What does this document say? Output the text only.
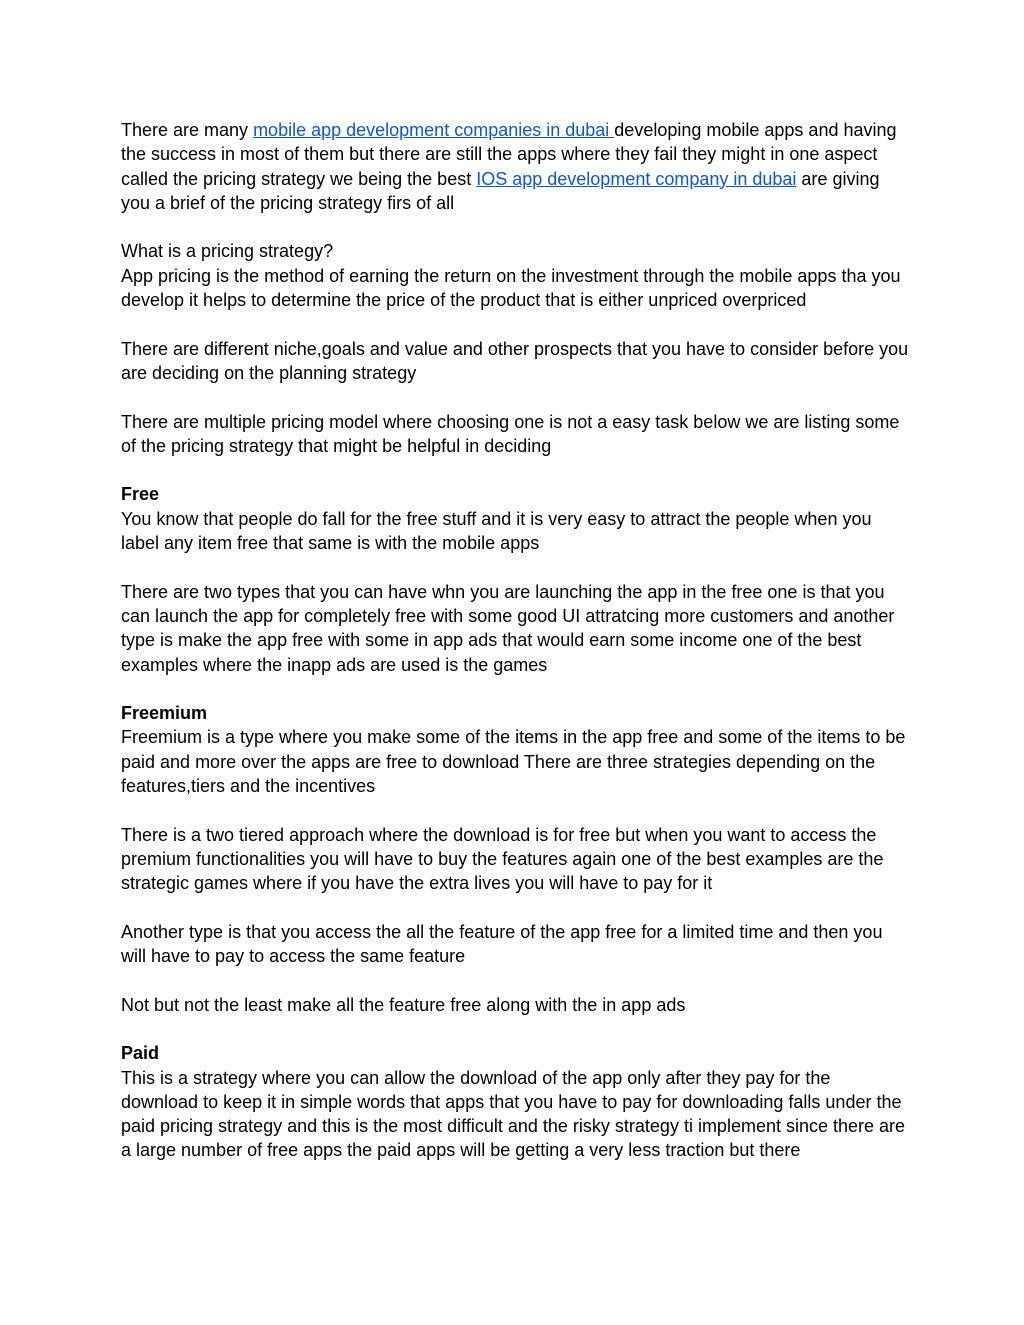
There are many mobile app development companies in dubai developing mobile apps and having the success in most of them but there are still the apps where they fail they might in one aspect called the pricing strategy we being the best IOS app development company in dubai are giving you a brief of the pricing strategy firs of all

What is a pricing strategy?
App pricing is the method of earning the return on the investment through the mobile apps tha you develop it helps to determine the price of the product that is either unpriced overpriced

There are different niche,goals and value and other prospects that you have to consider before you are deciding on the planning strategy

There are multiple pricing model where choosing one is not a easy task below we are listing some of the pricing strategy that might be helpful in deciding

Free

You know that people do fall for the free stuff and it is very easy to attract the people when you label any item free that same is with the mobile apps

There are two types that you can have whn you are launching the app in the free one is that you can launch the app for completely free with some good UI attratcing more customers and another type is make the app free with some in app ads that would earn some income one of the best examples where the inapp ads are used is the games

Freemium

Freemium is a type where you make some of the items in the app free and some of the items to be paid and more over the apps are free to download There are three strategies depending on the features,tiers and the incentives

There is a two tiered approach where the download is for free but when you want to access the premium functionalities you will have to buy the features again one of the best examples are the strategic games where if you have the extra lives you will have to pay for it

Another type is that you access the all the feature of the app free for a limited time and then you will have to pay to access the same feature

Not but not the least make all the feature free along with the in app ads

Paid

This is a strategy where you can allow the download of the app only after they pay for the download to keep it in simple words that apps that you have to pay for downloading falls under the paid pricing strategy and this is the most difficult and the risky strategy ti implement since there are a large number of free apps the paid apps will be getting a very less traction but there
